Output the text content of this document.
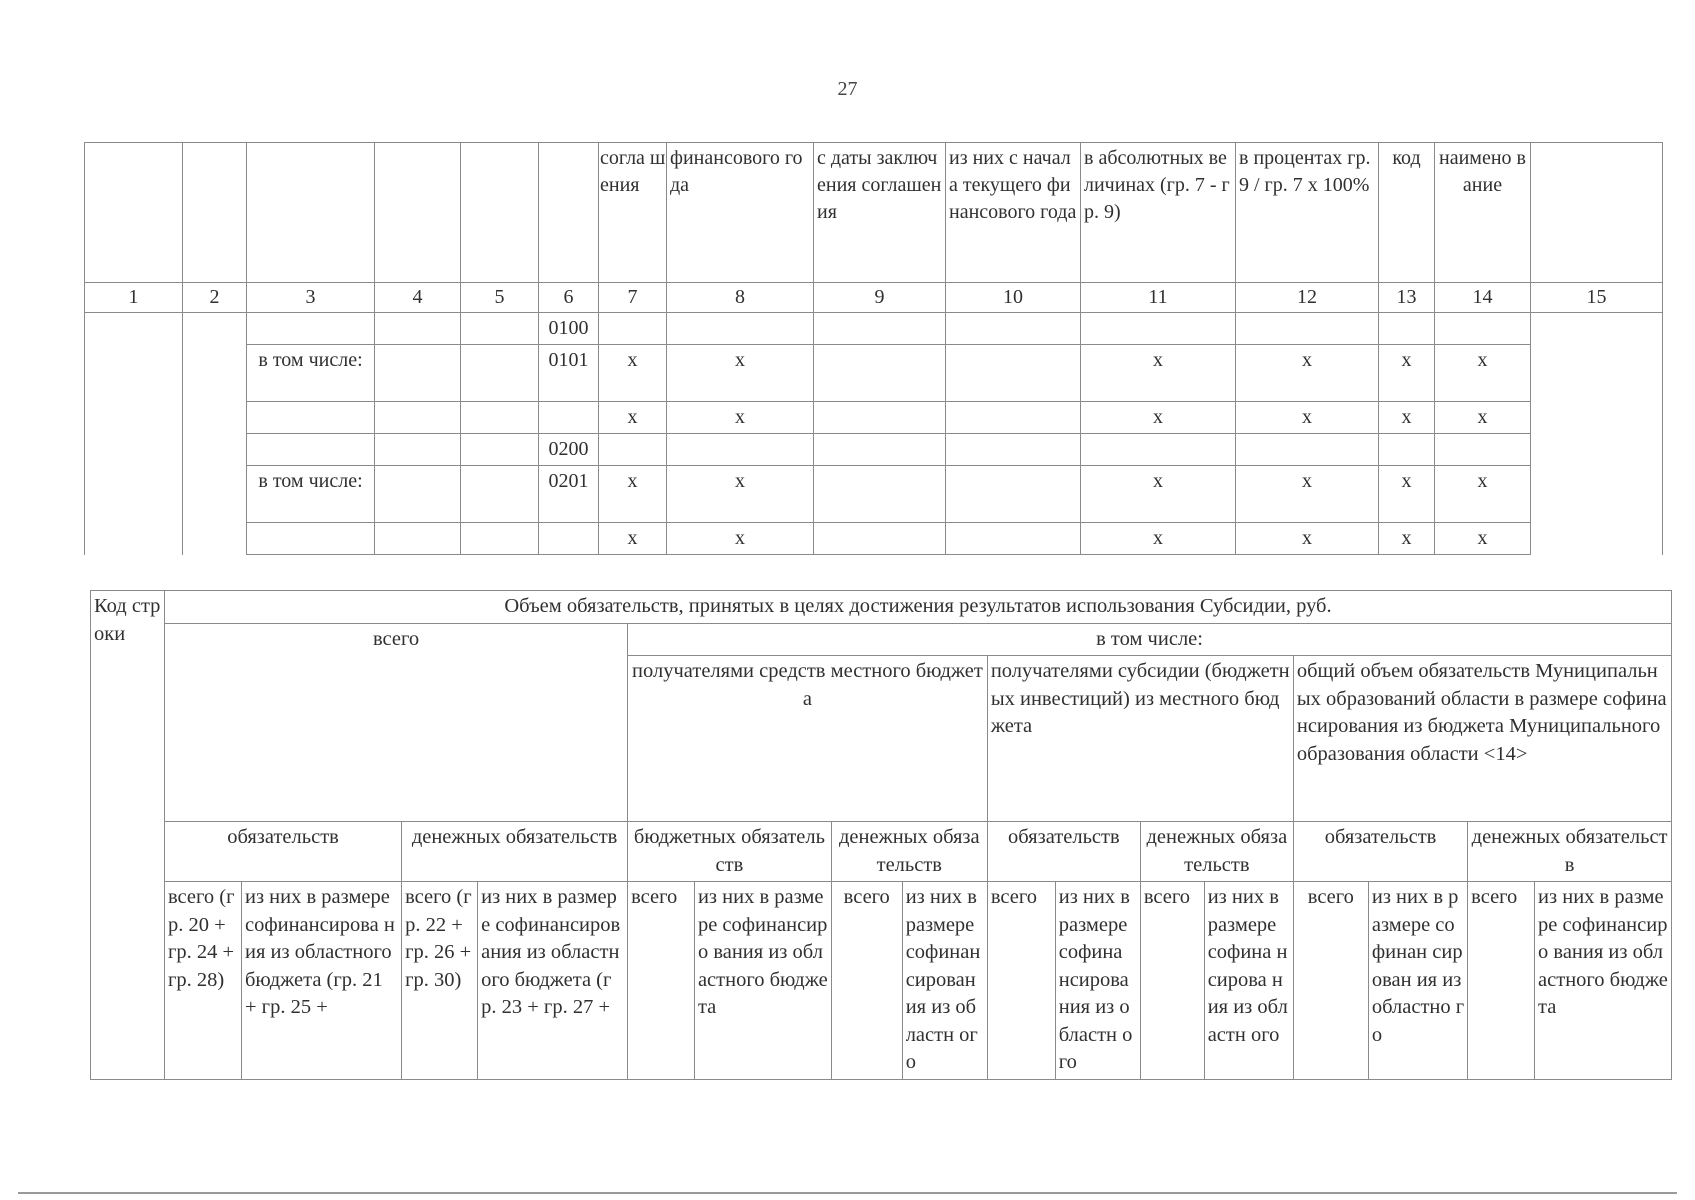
27
						согла шения	финансового года	с даты заключения соглашения	из них с начала текущего финансового года	в абсолютных величинах (гр. 7 - гр. 9)	в процентах гр. 9 / гр. 7 х 100%	код	наимено вание	
1	2	3	4	5	6	7	8	9	10	11	12	13	14	15
					0100									
		в том числе:			0101	x	x			x	x	x	x	
						x	x			x	x	x	x	
					0200									
		в том числе:			0201	x	x			x	x	x	x	
						x	x			x	x	x	x	
Код строки	Объем обязательств, принятых в целях достижения результатов использования Субсидии, руб.															
	всего				в том числе:											
					получателями средств местного бюджета				получателями субсидии (бюджетных инвестиций) из местного бюджета				общий объем обязательств Муниципальных образований области в размере софинансирования из бюджета Муниципального образования области <14>			
	обязательств		денежных обязательств		бюджетных обязательств		денежных обязательств		обязательств		денежных обязательств		обязательств		денежных обязательств	
	всего (гр. 20 + гр. 24 + гр. 28)	из них в размере софинансирова ния из областного бюджета (гр. 21 + гр. 25 +	всего (гр. 22 + гр. 26 + гр. 30)	из них в размере софинансиров ания из областного бюджета (гр. 23 + гр. 27 +	всего	из них в размере софинансиро вания из областного бюджета	всего	из них в размере софинан сирован ия из областн ого	всего	из них в размере софина нсирова ния из областн ого	всего	из них в размере софина нсирова ния из областн ого	всего	из них в размере софинан сирован ия из областно го	всего	из них в размере софинансиро вания из областного бюджета
